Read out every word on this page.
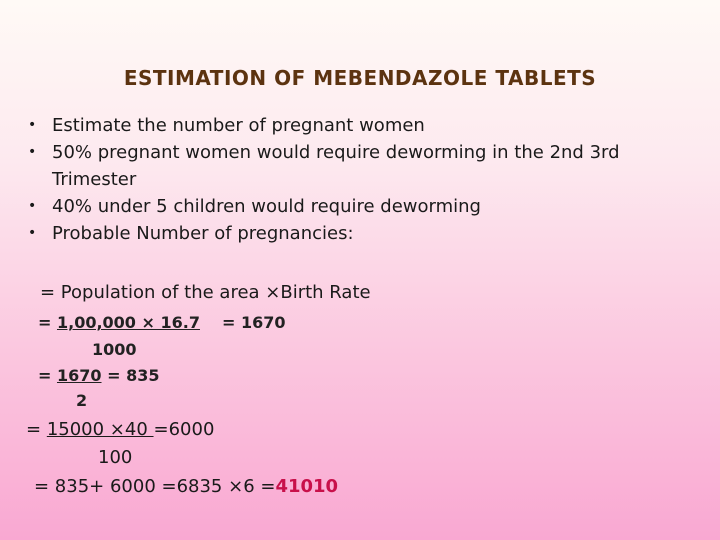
ESTIMATION OF MEBENDAZOLE TABLETS
• Estimate the number of pregnant women
• 50% pregnant women would require deworming in the 2nd 3rd Trimester
• 40% under 5 children would require deworming
• Probable Number of pregnancies:
= Population of the area ×Birth Rate
= 1,00,000 × 16.7 = 1670
1000
= 1670 = 835
2
= 15000 ×40 =6000
100
= 835+ 6000 =6835 ×6 =41010
